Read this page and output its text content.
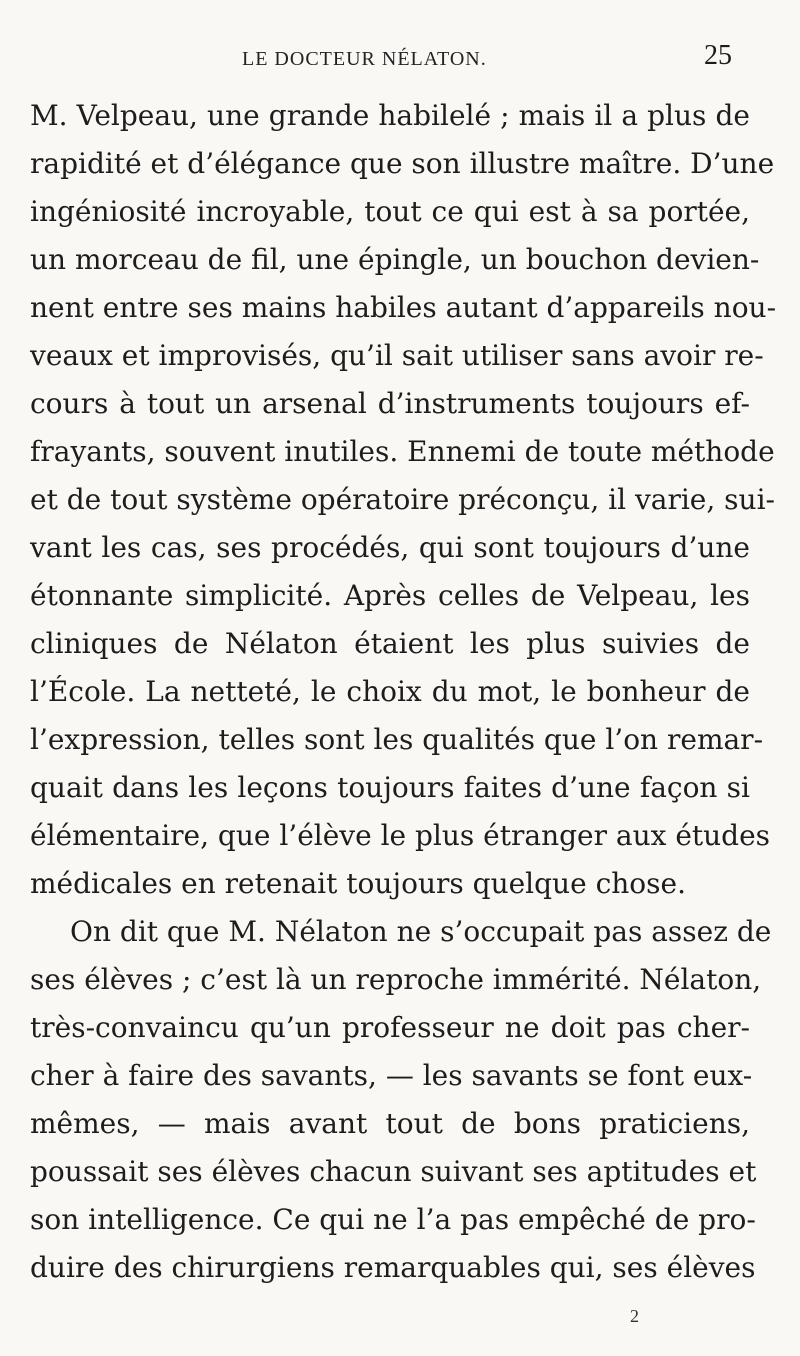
LE DOCTEUR NÉLATON.	25
M. Velpeau, une grande habilelé ; mais il a plus de
rapidité et d’élégance que son illustre maître. D’une
ingéniosité incroyable, tout ce qui est à sa portée,
un morceau de fil, une épingle, un bouchon devien-
nent entre ses mains habiles autant d’appareils nou-
veaux et improvisés, qu’il sait utiliser sans avoir re-
cours à tout un arsenal d’instruments toujours ef-
frayants, souvent inutiles. Ennemi de toute méthode
et de tout système opératoire préconçu, il varie, sui-
vant les cas, ses procédés, qui sont toujours d’une
étonnante simplicité. Après celles de Velpeau, les
cliniques de Nélaton étaient les plus suivies de
l’École. La netteté, le choix du mot, le bonheur de
l’expression, telles sont les qualités que l’on remar-
quait dans les leçons toujours faites d’une façon si
élémentaire, que l’élève le plus étranger aux études
médicales en retenait toujours quelque chose.
On dit que M. Nélaton ne s’occupait pas assez de
ses élèves ; c’est là un reproche immérité. Nélaton,
très-convaincu qu’un professeur ne doit pas cher-
cher à faire des savants, — les savants se font eux-
mêmes, — mais avant tout de bons praticiens,
poussait ses élèves chacun suivant ses aptitudes et
son intelligence. Ce qui ne l’a pas empêché de pro-
duire des chirurgiens remarquables qui, ses élèves
2
